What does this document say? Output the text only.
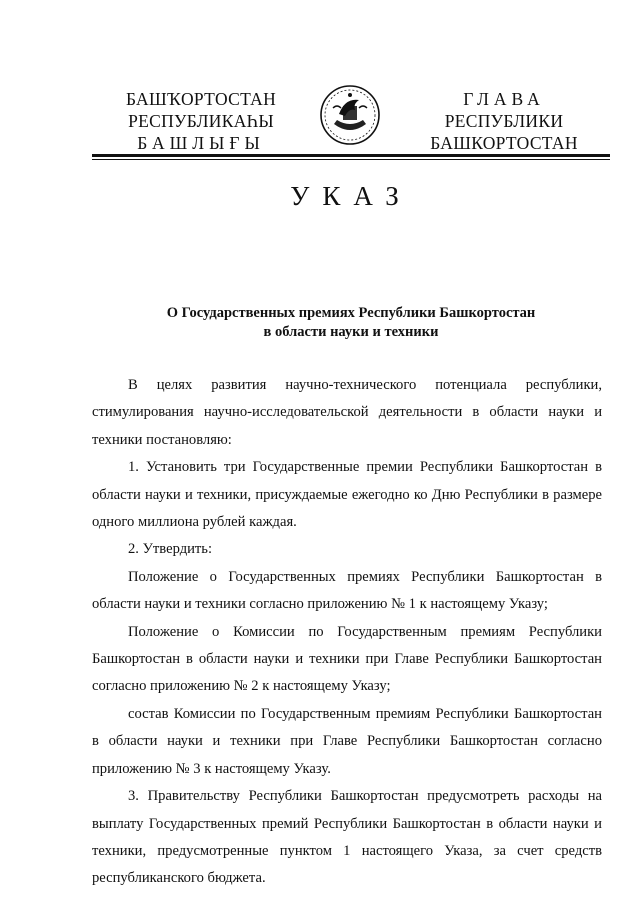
БАШҠОРТОСТАН
РЕСПУБЛИКАҺЫ
БАШЛЫҒЫ
ГЛАВА
РЕСПУБЛИКИ
БАШКОРТОСТАН
УКАЗ
О Государственных премиях Республики Башкортостан
в области науки и техники

В целях развития научно-технического потенциала республики, стимулирования научно-исследовательской деятельности в области науки и техники постановляю:

1. Установить три Государственные премии Республики Башкортостан в области науки и техники, присуждаемые ежегодно ко Дню Республики в размере одного миллиона рублей каждая.

2. Утвердить:

Положение о Государственных премиях Республики Башкортостан в области науки и техники согласно приложению № 1 к настоящему Указу;

Положение о Комиссии по Государственным премиям Республики Башкортостан в области науки и техники при Главе Республики Башкортостан согласно приложению № 2 к настоящему Указу;

состав Комиссии по Государственным премиям Республики Башкортостан в области науки и техники при Главе Республики Башкортостан согласно приложению № 3 к настоящему Указу.

3. Правительству Республики Башкортостан предусмотреть расходы на выплату Государственных премий Республики Башкортостан в области науки и техники, предусмотренные пунктом 1 настоящего Указа, за счет средств республиканского бюджета.
